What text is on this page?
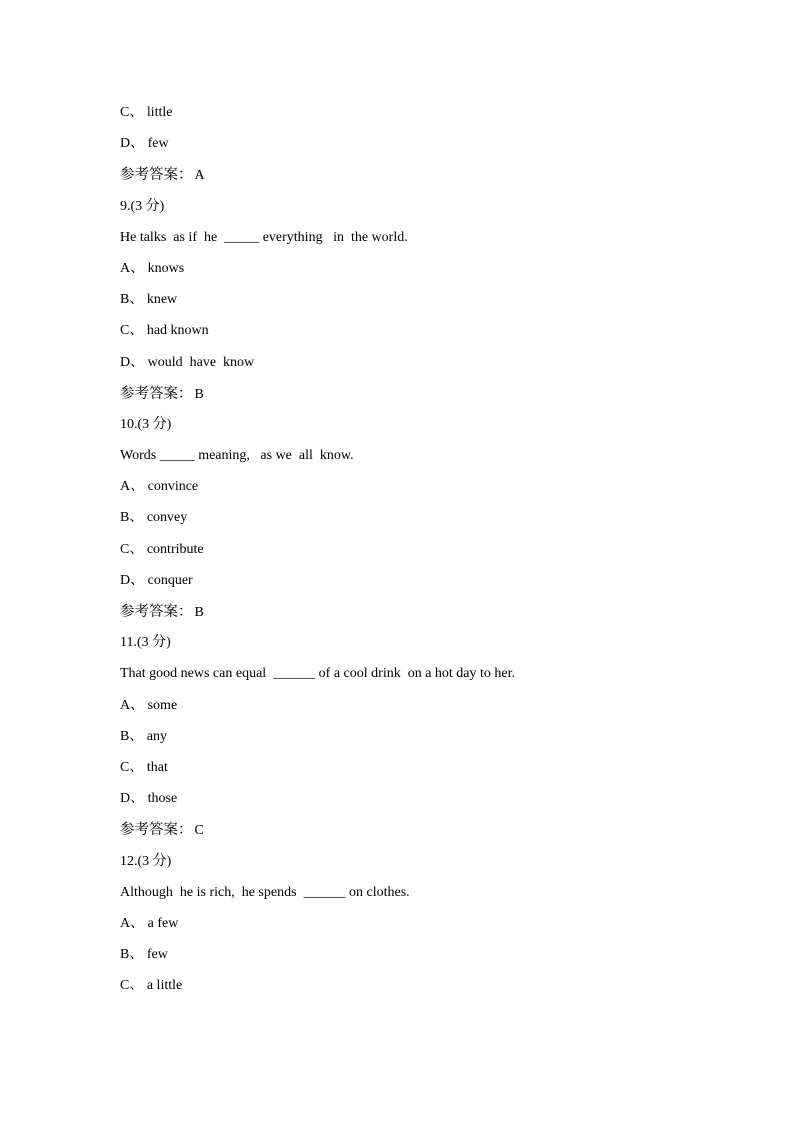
C、 little
D、 few
参考答案： A
9.(3 分)
He talks  as if  he  _____ everything   in  the world.
A、 knows
B、 knew
C、 had known
D、 would  have  know
参考答案： B
10.(3 分)
Words _____ meaning,   as we  all  know.
A、 convince
B、 convey
C、 contribute
D、 conquer
参考答案： B
11.(3 分)
That good news can equal  ______ of a cool drink  on a hot day to her.
A、 some
B、 any
C、 that
D、 those
参考答案： C
12.(3 分)
Although  he is rich,  he spends  ______ on clothes.
A、 a few
B、 few
C、 a little
